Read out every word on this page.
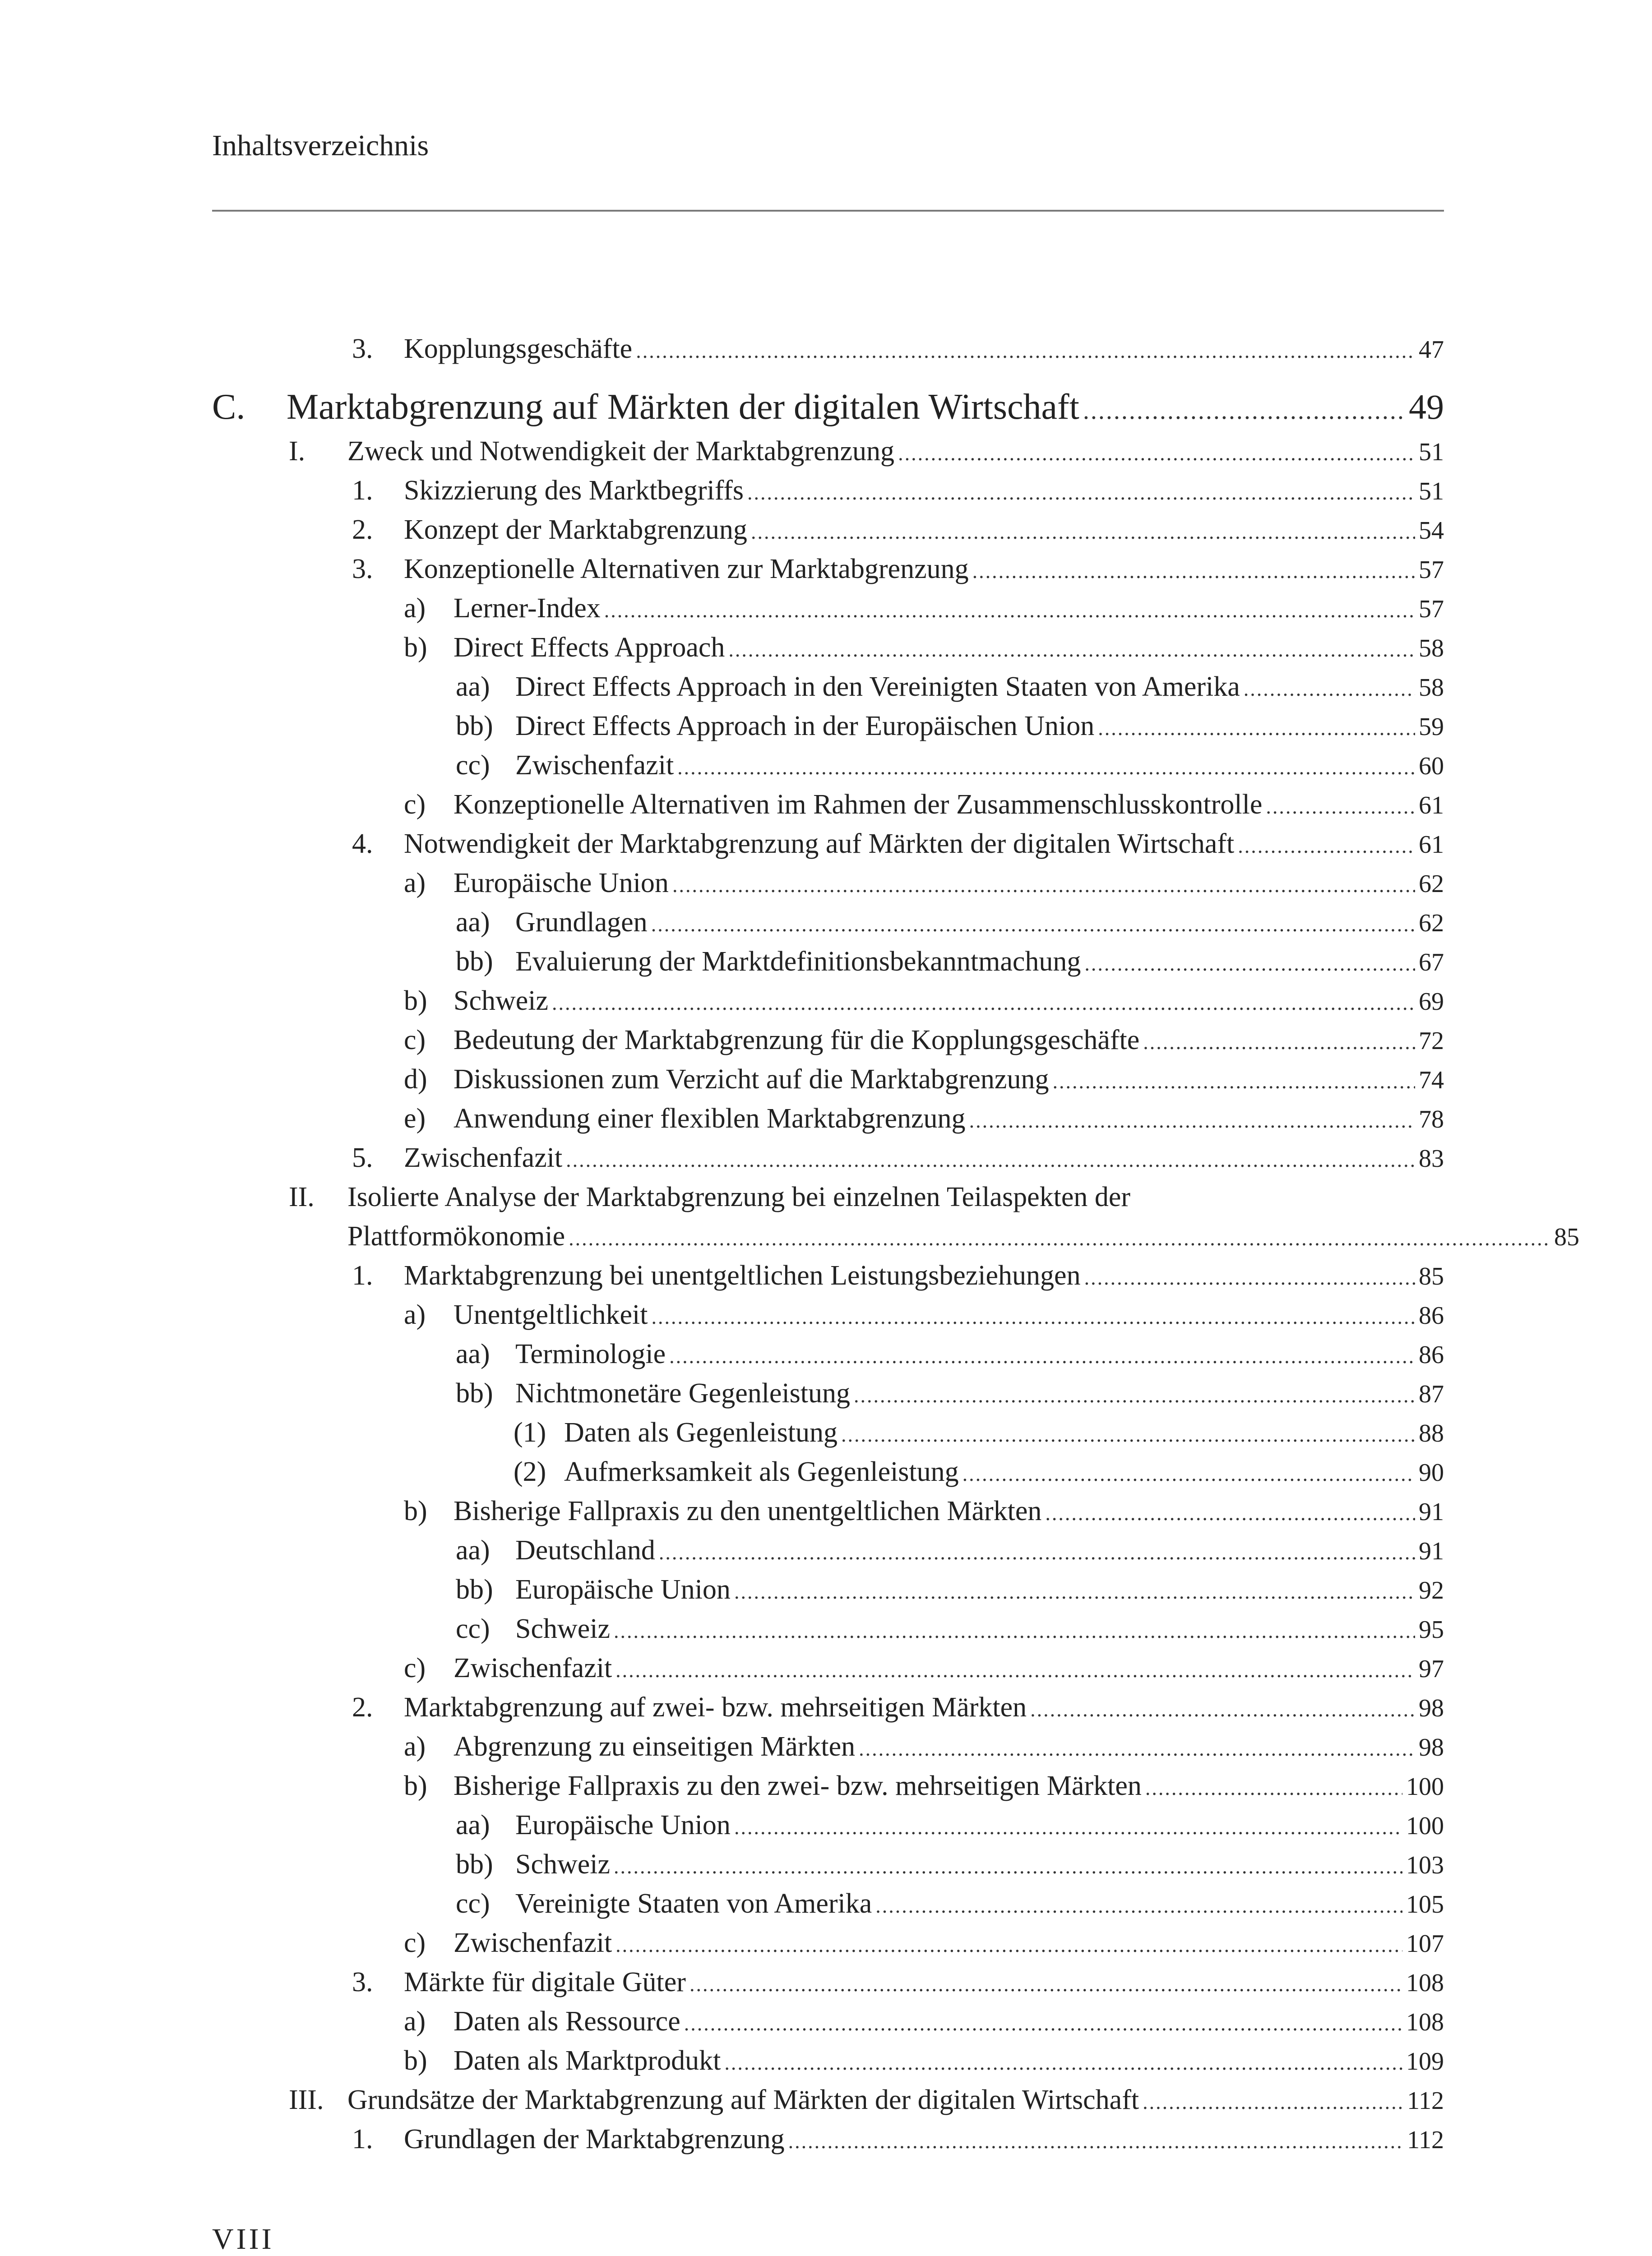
Inhaltsverzeichnis
3. Kopplungsgeschäfte .....	47
C. Marktabgrenzung auf Märkten der digitalen Wirtschaft .....	49
I. Zweck und Notwendigkeit der Marktabgrenzung .....	51
1. Skizzierung des Marktbegriffs .....	51
2. Konzept der Marktabgrenzung .....	54
3. Konzeptionelle Alternativen zur Marktabgrenzung .....	57
a) Lerner-Index .....	57
b) Direct Effects Approach .....	58
aa) Direct Effects Approach in den Vereinigten Staaten von Amerika .....	58
bb) Direct Effects Approach in der Europäischen Union .....	59
cc) Zwischenfazit .....	60
c) Konzeptionelle Alternativen im Rahmen der Zusammenschlusskontrolle .....	61
4. Notwendigkeit der Marktabgrenzung auf Märkten der digitalen Wirtschaft .....	61
a) Europäische Union .....	62
aa) Grundlagen .....	62
bb) Evaluierung der Marktdefinitionsbekanntmachung .....	67
b) Schweiz .....	69
c) Bedeutung der Marktabgrenzung für die Kopplungsgeschäfte .....	72
d) Diskussionen zum Verzicht auf die Marktabgrenzung .....	74
e) Anwendung einer flexiblen Marktabgrenzung .....	78
5. Zwischenfazit .....	83
II. Isolierte Analyse der Marktabgrenzung bei einzelnen Teilaspekten der
Plattformökonomie .....	85
1. Marktabgrenzung bei unentgeltlichen Leistungsbeziehungen .....	85
a) Unentgeltlichkeit .....	86
aa) Terminologie .....	86
bb) Nichtmonetäre Gegenleistung .....	87
(1) Daten als Gegenleistung .....	88
(2) Aufmerksamkeit als Gegenleistung .....	90
b) Bisherige Fallpraxis zu den unentgeltlichen Märkten .....	91
aa) Deutschland .....	91
bb) Europäische Union .....	92
cc) Schweiz .....	95
c) Zwischenfazit .....	97
2. Marktabgrenzung auf zwei- bzw. mehrseitigen Märkten .....	98
a) Abgrenzung zu einseitigen Märkten .....	98
b) Bisherige Fallpraxis zu den zwei- bzw. mehrseitigen Märkten .....	100
aa) Europäische Union .....	100
bb) Schweiz .....	103
cc) Vereinigte Staaten von Amerika .....	105
c) Zwischenfazit .....	107
3. Märkte für digitale Güter .....	108
a) Daten als Ressource .....	108
b) Daten als Marktprodukt .....	109
III. Grundsätze der Marktabgrenzung auf Märkten der digitalen Wirtschaft .....	112
1. Grundlagen der Marktabgrenzung .....	112
VIII
